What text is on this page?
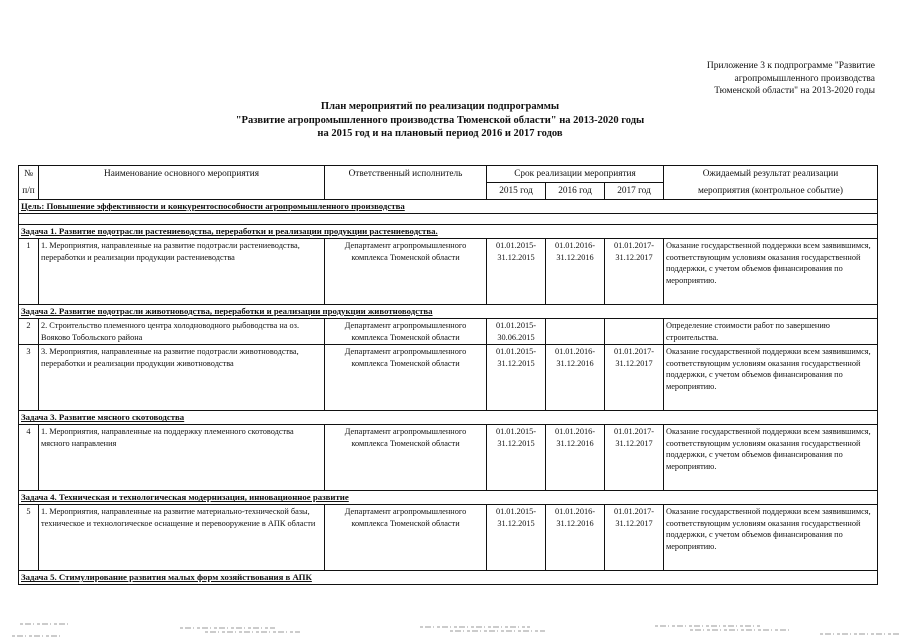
Приложение 3 к подпрограмме "Развитие
агропромышленного производства
Тюменской области" на 2013-2020 годы
План мероприятий по реализации подпрограммы
"Развитие агропромышленного производства Тюменской области" на 2013-2020 годы
на 2015 год и на плановый период 2016 и 2017 годов
№	Наименование основного мероприятия	Ответственный исполнитель	Срок реализации мероприятия			Ожидаемый результат реализации
п/п			2015 год	2016 год	2017 год	мероприятия (контрольное событие)
Цель: Повышение эффективности и конкурентоспособности агропромышленного производства						

Задача 1. Развитие подотрасли растениеводства, переработки и реализации продукции растениеводства.						
1	1. Мероприятия, направленные на развитие подотрасли растениеводства, переработки и реализации продукции растениеводства	Департамент агропромышленного комплекса Тюменской области	01.01.2015-31.12.2015	01.01.2016-31.12.2016	01.01.2017-31.12.2017	Оказание государственной поддержки всем заявившимся, соответствующим условиям оказания государственной поддержки, с учетом объемов финансирования по мероприятию.
Задача 2. Развитие подотрасли животноводства, переработки и реализации продукции животноводства						
2	2. Строительство племенного центра холодноводного рыбоводства на оз. Вояково Тобольского района	Департамент агропромышленного комплекса Тюменской области	01.01.2015-30.06.2015			Определение стоимости работ по завершению строительства.
3	3. Мероприятия, направленные на развитие подотрасли животноводства, переработки и реализации продукции животноводства	Департамент агропромышленного комплекса Тюменской области	01.01.2015-31.12.2015	01.01.2016-31.12.2016	01.01.2017-31.12.2017	Оказание государственной поддержки всем заявившимся, соответствующим условиям оказания государственной поддержки, с учетом объемов финансирования по мероприятию.
Задача 3. Развитие мясного скотоводства						
4	1. Мероприятия, направленные на поддержку племенного скотоводства мясного направления	Департамент агропромышленного комплекса Тюменской области	01.01.2015-31.12.2015	01.01.2016-31.12.2016	01.01.2017-31.12.2017	Оказание государственной поддержки всем заявившимся, соответствующим условиям оказания государственной поддержки, с учетом объемов финансирования по мероприятию.
Задача 4. Техническая и технологическая модернизация, инновационное развитие						
5	1. Мероприятия, направленные на развитие материально-технической базы, техническое и технологическое оснащение и перевооружение в АПК области	Департамент агропромышленного комплекса Тюменской области	01.01.2015-31.12.2015	01.01.2016-31.12.2016	01.01.2017-31.12.2017	Оказание государственной поддержки всем заявившимся, соответствующим условиям оказания государственной поддержки, с учетом объемов финансирования по мероприятию.
Задача 5. Стимулирование развития малых форм хозяйствования в АПК						
